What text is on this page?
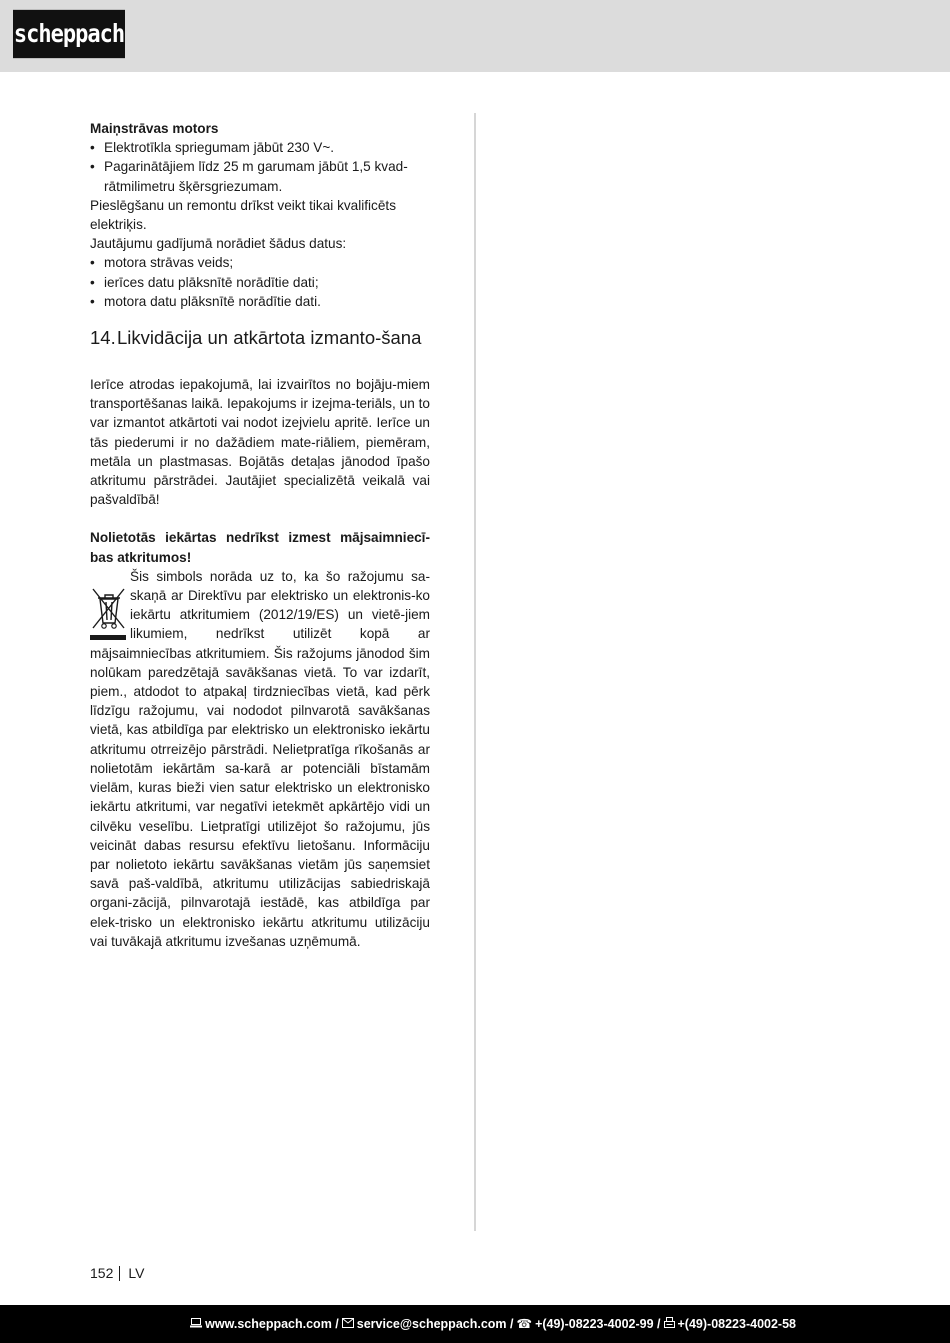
scheppach

Maiņstrāvas motors

• Elektrotīkla spriegumam jābūt 230 V~.
• Pagarinātājiem līdz 25 m garumam jābūt 1,5 kvad-rātmilimetru šķērsgriezumam.

Pieslēgšanu un remontu drīkst veikt tikai kvalificēts elektriķis.

Jautājumu gadījumā norādiet šādus datus:

• motora strāvas veids;
• ierīces datu plāksnītē norādītie dati;
• motora datu plāksnītē norādītie dati.
14. Likvidācija un atkārtota izmanto-šana

Ierīce atrodas iepakojumā, lai izvairītos no bojāju-miem transportēšanas laikā. Iepakojums ir izejma-teriāls, un to var izmantot atkārtoti vai nodot izejvielu apritē. Ierīce un tās piederumi ir no dažādiem mate-riāliem, piemēram, metāla un plastmasas. Bojātās detaļas jānodod īpašo atkritumu pārstrādei. Jautājiet specializētā veikalā vai pašvaldībā!

Nolietotās iekārtas nedrīkst izmest mājsaimniecī-bas atkritumos!

Šis simbols norāda uz to, ka šo ražojumu sa-skaņā ar Direktīvu par elektrisko un elektronis-ko iekārtu atkritumiem (2012/19/ES) un vietē-jiem likumiem, nedrīkst utilizēt kopā ar mājsaimniecības atkritumiem. Šis ražojums jānodod šim nolūkam paredzētajā savākšanas vietā. To var izdarīt, piem., atdodot to atpakaļ tirdzniecības vietā, kad pērk līdzīgu ražojumu, vai nododot pilnvarotā savākšanas vietā, kas atbildīga par elektrisko un elektronisko iekārtu atkritumu otrreizējo pārstrādi. Nelietpratīga rīkošanās ar nolietotām iekārtām sa-karā ar potenciāli bīstamām vielām, kuras bieži vien satur elektrisko un elektronisko iekārtu atkritumi, var negatīvi ietekmēt apkārtējo vidi un cilvēku veselību. Lietpratīgi utilizējot šo ražojumu, jūs veicināt dabas resursu efektīvu lietošanu. Informāciju par nolietoto iekārtu savākšanas vietām jūs saņemsiet savā paš-valdībā, atkritumu utilizācijas sabiedriskajā organi-zācijā, pilnvarotajā iestādē, kas atbildīga par elek-trisko un elektronisko iekārtu atkritumu utilizāciju vai tuvākajā atkritumu izvešanas uzņēmumā.
152 LV
www.scheppach.com / service@scheppach.com / ☎ +(49)-08223-4002-99 / +(49)-08223-4002-58
